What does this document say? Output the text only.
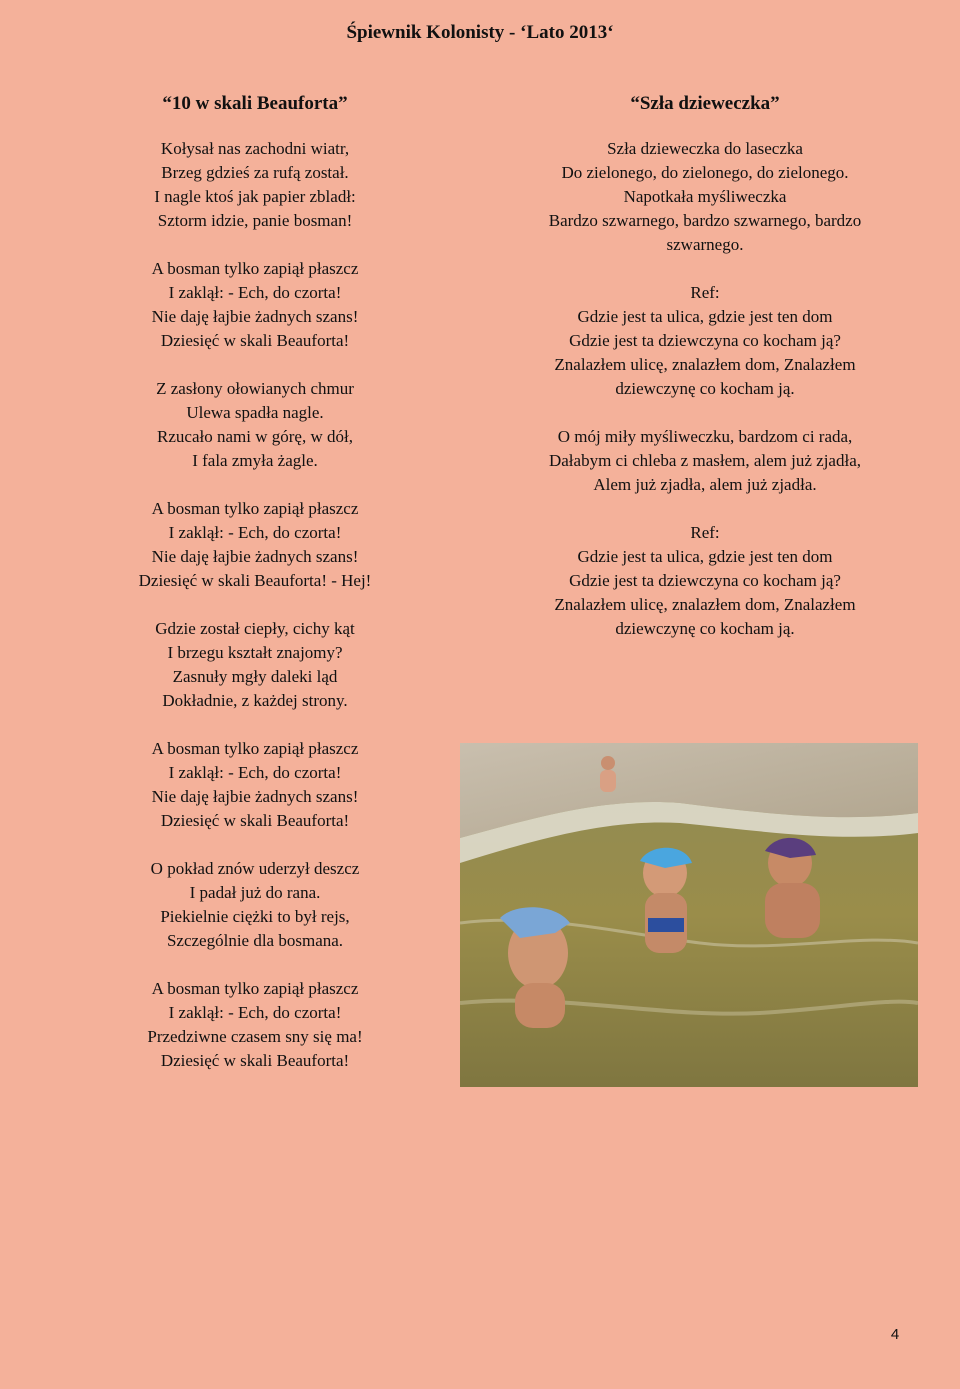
Śpiewnik Kolonisty - ‘Lato 2013‘
“10 w skali Beauforta”
Kołysał nas zachodni wiatr,
Brzeg gdzieś za rufą został.
I nagle ktoś jak papier zbladł:
Sztorm idzie, panie bosman!
A bosman tylko zapiął płaszcz
I zaklął: - Ech, do czorta!
Nie daję łajbie żadnych szans!
Dziesięć w skali Beauforta!
Z zasłony ołowianych chmur
Ulewa spadła nagle.
Rzucało nami w górę, w dół,
I fala zmyła żagle.
A bosman tylko zapiął płaszcz
I zaklął: - Ech, do czorta!
Nie daję łajbie żadnych szans!
Dziesięć w skali Beauforta! - Hej!
Gdzie został ciepły, cichy kąt
I brzegu kształt znajomy?
Zasnuły mgły daleki ląd
Dokładnie, z każdej strony.
A bosman tylko zapiął płaszcz
I zaklął: - Ech, do czorta!
Nie daję łajbie żadnych szans!
Dziesięć w skali Beauforta!
O pokład znów uderzył deszcz
I padał już do rana.
Piekielnie ciężki to był rejs,
Szczególnie dla bosmana.
A bosman tylko zapiął płaszcz
I zaklął: - Ech, do czorta!
Przedziwne czasem sny się ma!
Dziesięć w skali Beauforta!
“Szła dzieweczka”
Szła dzieweczka do laseczka
Do zielonego, do zielonego, do zielonego.
Napotkała myśliweczka
Bardzo szwarnego, bardzo szwarnego, bardzo
szwarnego.
Ref:
Gdzie jest ta ulica, gdzie jest ten dom
Gdzie jest ta dziewczyna co kocham ją?
Znalazłem ulicę, znalazłem dom, Znalazłem
dziewczynę co kocham ją.
O mój miły myśliweczku, bardzom ci rada,
Dałabym ci chleba z masłem, alem już zjadła,
Alem już zjadła, alem już zjadła.
Ref:
Gdzie jest ta ulica, gdzie jest ten dom
Gdzie jest ta dziewczyna co kocham ją?
Znalazłem ulicę, znalazłem dom, Znalazłem
dziewczynę co kocham ją.
4
